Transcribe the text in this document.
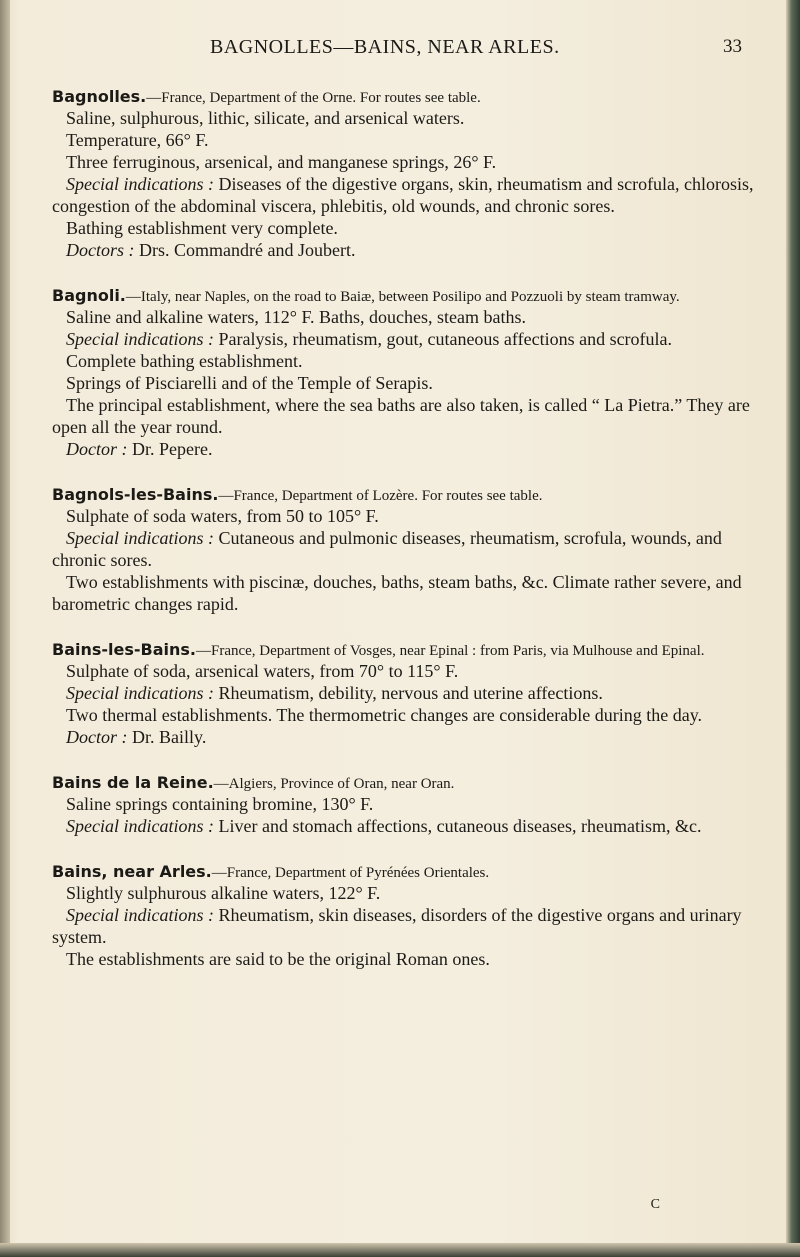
BAGNOLLES—BAINS, NEAR ARLES.	33

Bagnolles.—France, Department of the Orne. For routes see table.

Saline, sulphurous, lithic, silicate, and arsenical waters.

Temperature, 66° F.

Three ferruginous, arsenical, and manganese springs, 26° F.

Special indications : Diseases of the digestive organs, skin, rheumatism and scrofula, chlorosis, congestion of the abdominal viscera, phlebitis, old wounds, and chronic sores.

Bathing establishment very complete.

Doctors : Drs. Commandré and Joubert.

Bagnoli.—Italy, near Naples, on the road to Baiæ, between Posilipo and Pozzuoli by steam tramway.

Saline and alkaline waters, 112° F. Baths, douches, steam baths.

Special indications : Paralysis, rheumatism, gout, cutaneous affections and scrofula.

Complete bathing establishment.

Springs of Pisciarelli and of the Temple of Serapis.

The principal establishment, where the sea baths are also taken, is called “ La Pietra.” They are open all the year round.

Doctor : Dr. Pepere.

Bagnols-les-Bains.—France, Department of Lozère. For routes see table.

Sulphate of soda waters, from 50 to 105° F.

Special indications : Cutaneous and pulmonic diseases, rheumatism, scrofula, wounds, and chronic sores.

Two establishments with piscinæ, douches, baths, steam baths, &c. Climate rather severe, and barometric changes rapid.

Bains-les-Bains.—France, Department of Vosges, near Epinal : from Paris, via Mulhouse and Epinal.

Sulphate of soda, arsenical waters, from 70° to 115° F.

Special indications : Rheumatism, debility, nervous and uterine affections.

Two thermal establishments. The thermometric changes are considerable during the day.

Doctor : Dr. Bailly.

Bains de la Reine.—Algiers, Province of Oran, near Oran.

Saline springs containing bromine, 130° F.

Special indications : Liver and stomach affections, cutaneous diseases, rheumatism, &c.

Bains, near Arles.—France, Department of Pyrénées Orientales.

Slightly sulphurous alkaline waters, 122° F.

Special indications : Rheumatism, skin diseases, disorders of the digestive organs and urinary system.

The establishments are said to be the original Roman ones.

C
